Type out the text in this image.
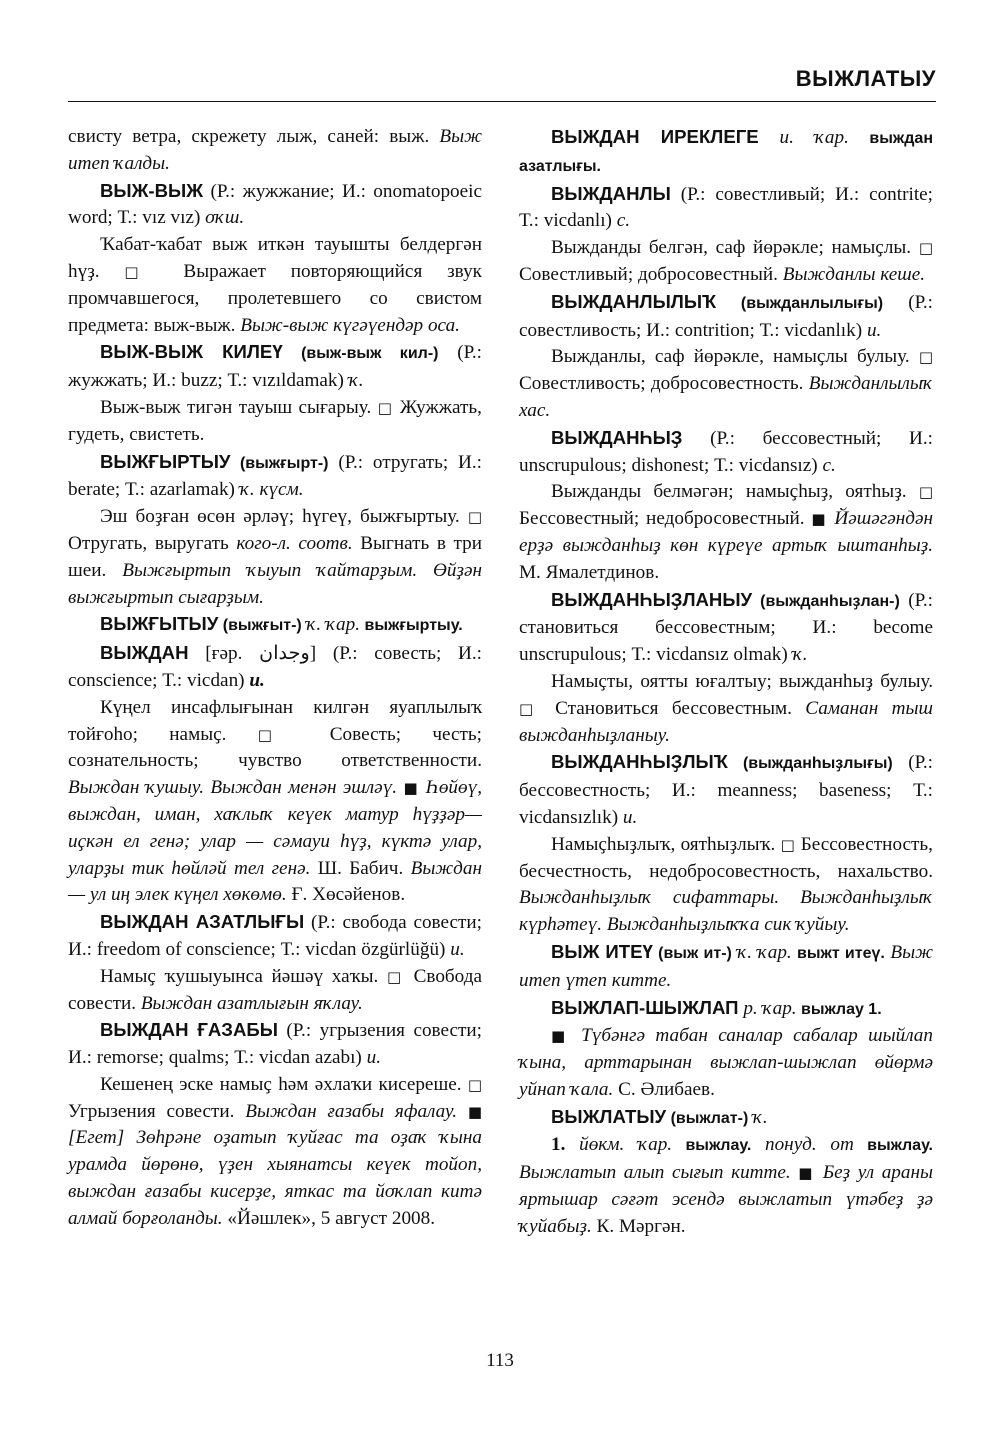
ВЫЖЛАТЫУ

свисту ветра, скрежету лыж, саней: выж. Выж итеп ҡалды.

ВЫЖ-ВЫЖ (Р.: жужжание; И.: onomatopoeic word; Т.: vız vız) оҡш.

Ҡабат-ҡабат выж иткән тауышты белдергән һүҙ. □ Выражает повторяющийся звук промчавшегося, пролетевшего со свистом предмета: выж-выж. Выж-выж күгәүендәр оса.

ВЫЖ-ВЫЖ КИЛЕҮ (выж-выж кил-) (Р.: жужжать; И.: buzz; Т.: vızıldamak) ҡ.

Выж-выж тигән тауыш сығарыу. □ Жужжать, гудеть, свистеть.

ВЫЖҒЫРТЫУ (выжғырт-) (Р.: отругать; И.: berate; Т.: azarlamak) ҡ. күсм.

Эш боҙған өсөн әрләү; һүгеү, быжғыртыу. □ Отругать, выругать кого-л. соотв. Выгнать в три шеи. Выжғыртып ҡыуып ҡайтарҙым. Өйҙән выжғыртып сығарҙым.

ВЫЖҒЫТЫУ (выжғыт-) ҡ. ҡар. выжғыртыу.

ВЫЖДАН [ғәр. وجدان] (Р.: совесть; И.: conscience; Т.: vicdan) и.

Күңел инсафлығынан килгән яуаплылыҡ тойғоһо; намыҫ. □ Совесть; честь; сознательность; чувство ответственности. Выждан ҡушыу. Выждан менән эшләү. ■ Һөйөү, выждан, иман, хаҡлыҡ кеүек матур һүҙҙәр— иҫкән ел генә; улар — сәмауи һүҙ, күктә улар, уларҙы тик һөйләй тел генә. Ш. Бабич. Выждан — ул иң элек күңел хөкөмө. Ғ. Хөсәйенов.

ВЫЖДАН АЗАТЛЫҒЫ (Р.: свобода совести; И.: freedom of conscience; Т.: vicdan özgürlüğü) и.

Намыҫ ҡушыуынса йәшәү хаҡы. □ Свобода совести. Выждан азатлығын яҡлау.

ВЫЖДАН ҒАЗАБЫ (Р.: угрызения совести; И.: remorse; qualms; Т.: vicdan azabı) и.

Кешенең эске намыҫ һәм әхлаҡи кисереше. □ Угрызения совести. Выждан ғазабы яфалау. ■ [Егет] Зөһрәне оҙатып ҡуйғас та оҙаҡ ҡына урамда йөрөнө, үҙен хыянатсы кеүек тойоп, выждан ғазабы кисерҙе, яткас та йоҡлап китә алмай борғоланды. «Йәшлек», 5 август 2008.

ВЫЖДАН ИРЕКЛЕГЕ и. ҡар. выждан азатлығы.

ВЫЖДАНЛЫ (Р.: совестливый; И.: contrite; Т.: vicdanlı) с.

Выжданды белгән, саф йөрәкле; намыҫлы. □ Совестливый; добросовестный. Выжданлы кеше.

ВЫЖДАНЛЫЛЫҠ (выжданлылығы) (Р.: совестливость; И.: contrition; Т.: vicdanlık) и.

Выжданлы, саф йөрәкле, намыҫлы булыу. □ Совестливость; добросовестность. Выжданлылыҡ хас.

ВЫЖДАНҺЫҘ (Р.: бессовестный; И.: unscrupulous; dishonest; Т.: vicdansız) с.

Выжданды белмәгән; намыҫһыҙ, оятһыҙ. □ Бессовестный; недобросовестный. ■ Йәшәгәндән ерҙә выжданһыҙ көн күреүе артыҡ ыштанһыҙ. М. Ямалетдинов.

ВЫЖДАНҺЫҘЛАНЫУ (выжданһыҙлан-) (Р.: становиться бессовестным; И.: become unscrupulous; Т.: vicdansız olmak) ҡ.

Намыҫты, оятты юғалтыу; выжданһыҙ булыу. □ Становиться бессовестным. Саманан тыш выжданһыҙланыу.

ВЫЖДАНҺЫҘЛЫҠ (выжданһыҙлығы) (Р.: бессовестность; И.: meanness; baseness; Т.: vicdansızlık) и.

Намыҫһыҙлыҡ, оятһыҙлыҡ. □ Бессовестность, бесчестность, недобросовестность, нахальство. Выжданһыҙлыҡ сифаттары. Выжданһыҙлыҡ күрһәтеү. Выжданһыҙлыҡҡа сик ҡуйыу.

ВЫЖ ИТЕҮ (выж ит-) ҡ. ҡар. выжт итеү. Выж итеп үтеп китте.

ВЫЖЛАП-ШЫЖЛАП р. ҡар. выжлау 1.

■ Түбәнгә табан саналар сабалар шыйлап ҡына, арттарынан выжлап-шыжлап өйөрмә уйнап ҡала. С. Әлибаев.

ВЫЖЛАТЫУ (выжлат-) ҡ.

1. йөкм. ҡар. выжлау. понуд. от выжлау. Выжлатып алып сығып китте. ■ Беҙ ул араны яртышар сәғәт эсендә выжлатып үтәбеҙ ҙә ҡуйабыҙ. К. Мәргән.

113
